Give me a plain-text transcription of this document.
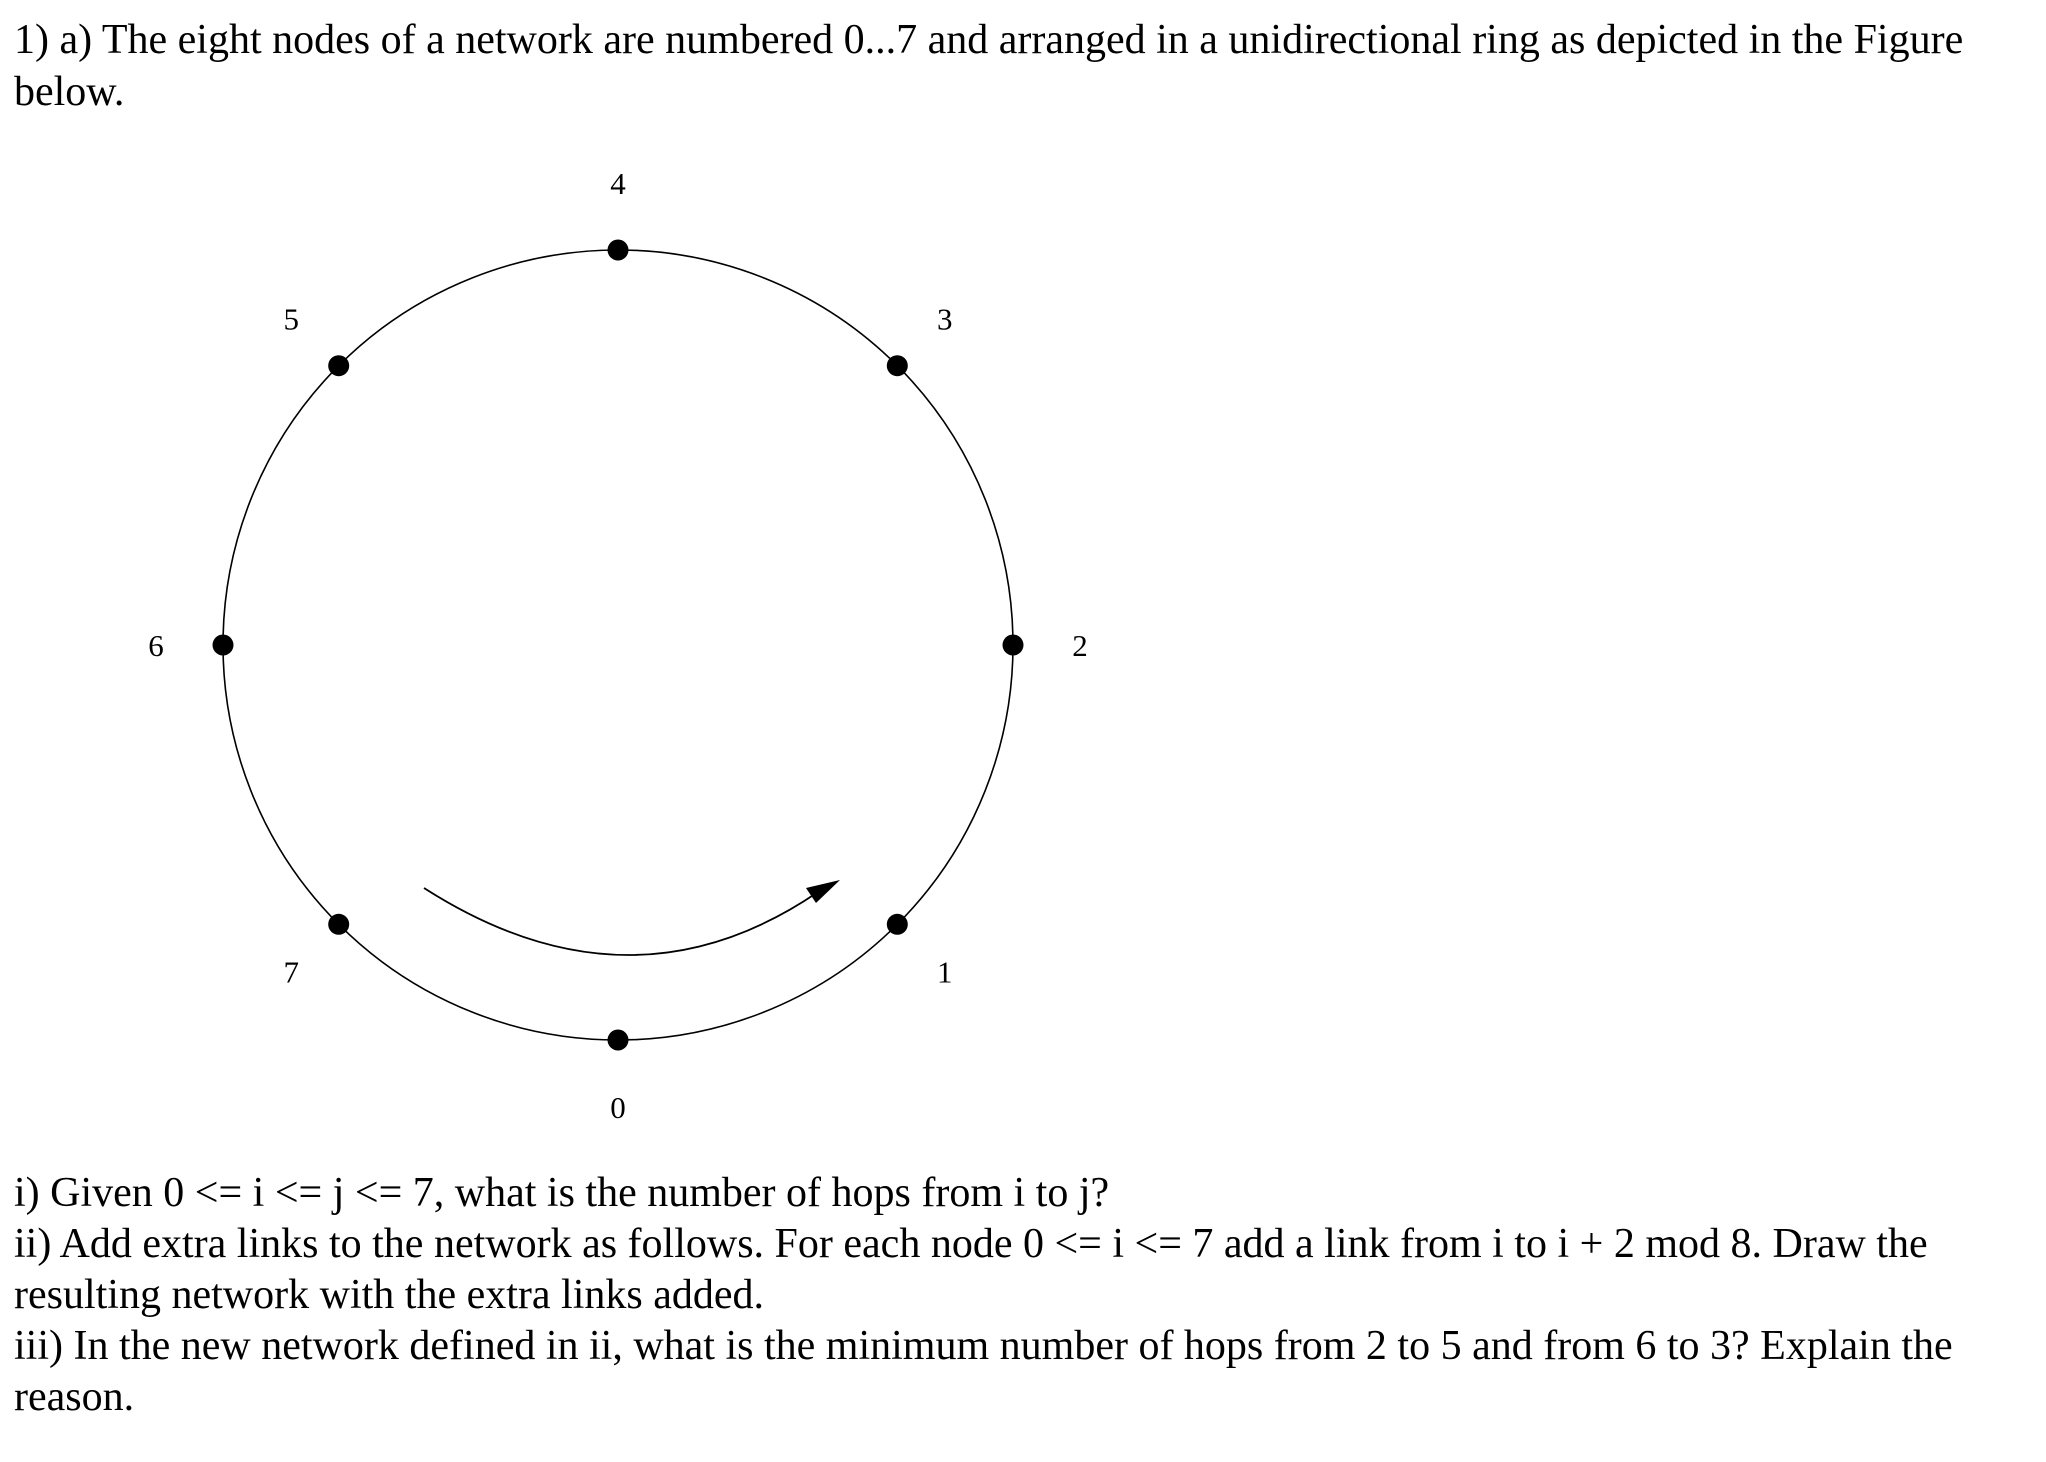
1) a) The eight nodes of a network are numbered 0...7 and arranged in a unidirectional ring as depicted in the Figure
below.
0
1
2
3
4
5
6
7

i) Given 0 <= i <= j <= 7, what is the number of hops from i to j?

ii) Add extra links to the network as follows. For each node 0 <= i <= 7 add a link from i to i + 2 mod 8. Draw the resulting network with the extra links added.

iii) In the new network defined in ii, what is the minimum number of hops from 2 to 5 and from 6 to 3? Explain the reason.
